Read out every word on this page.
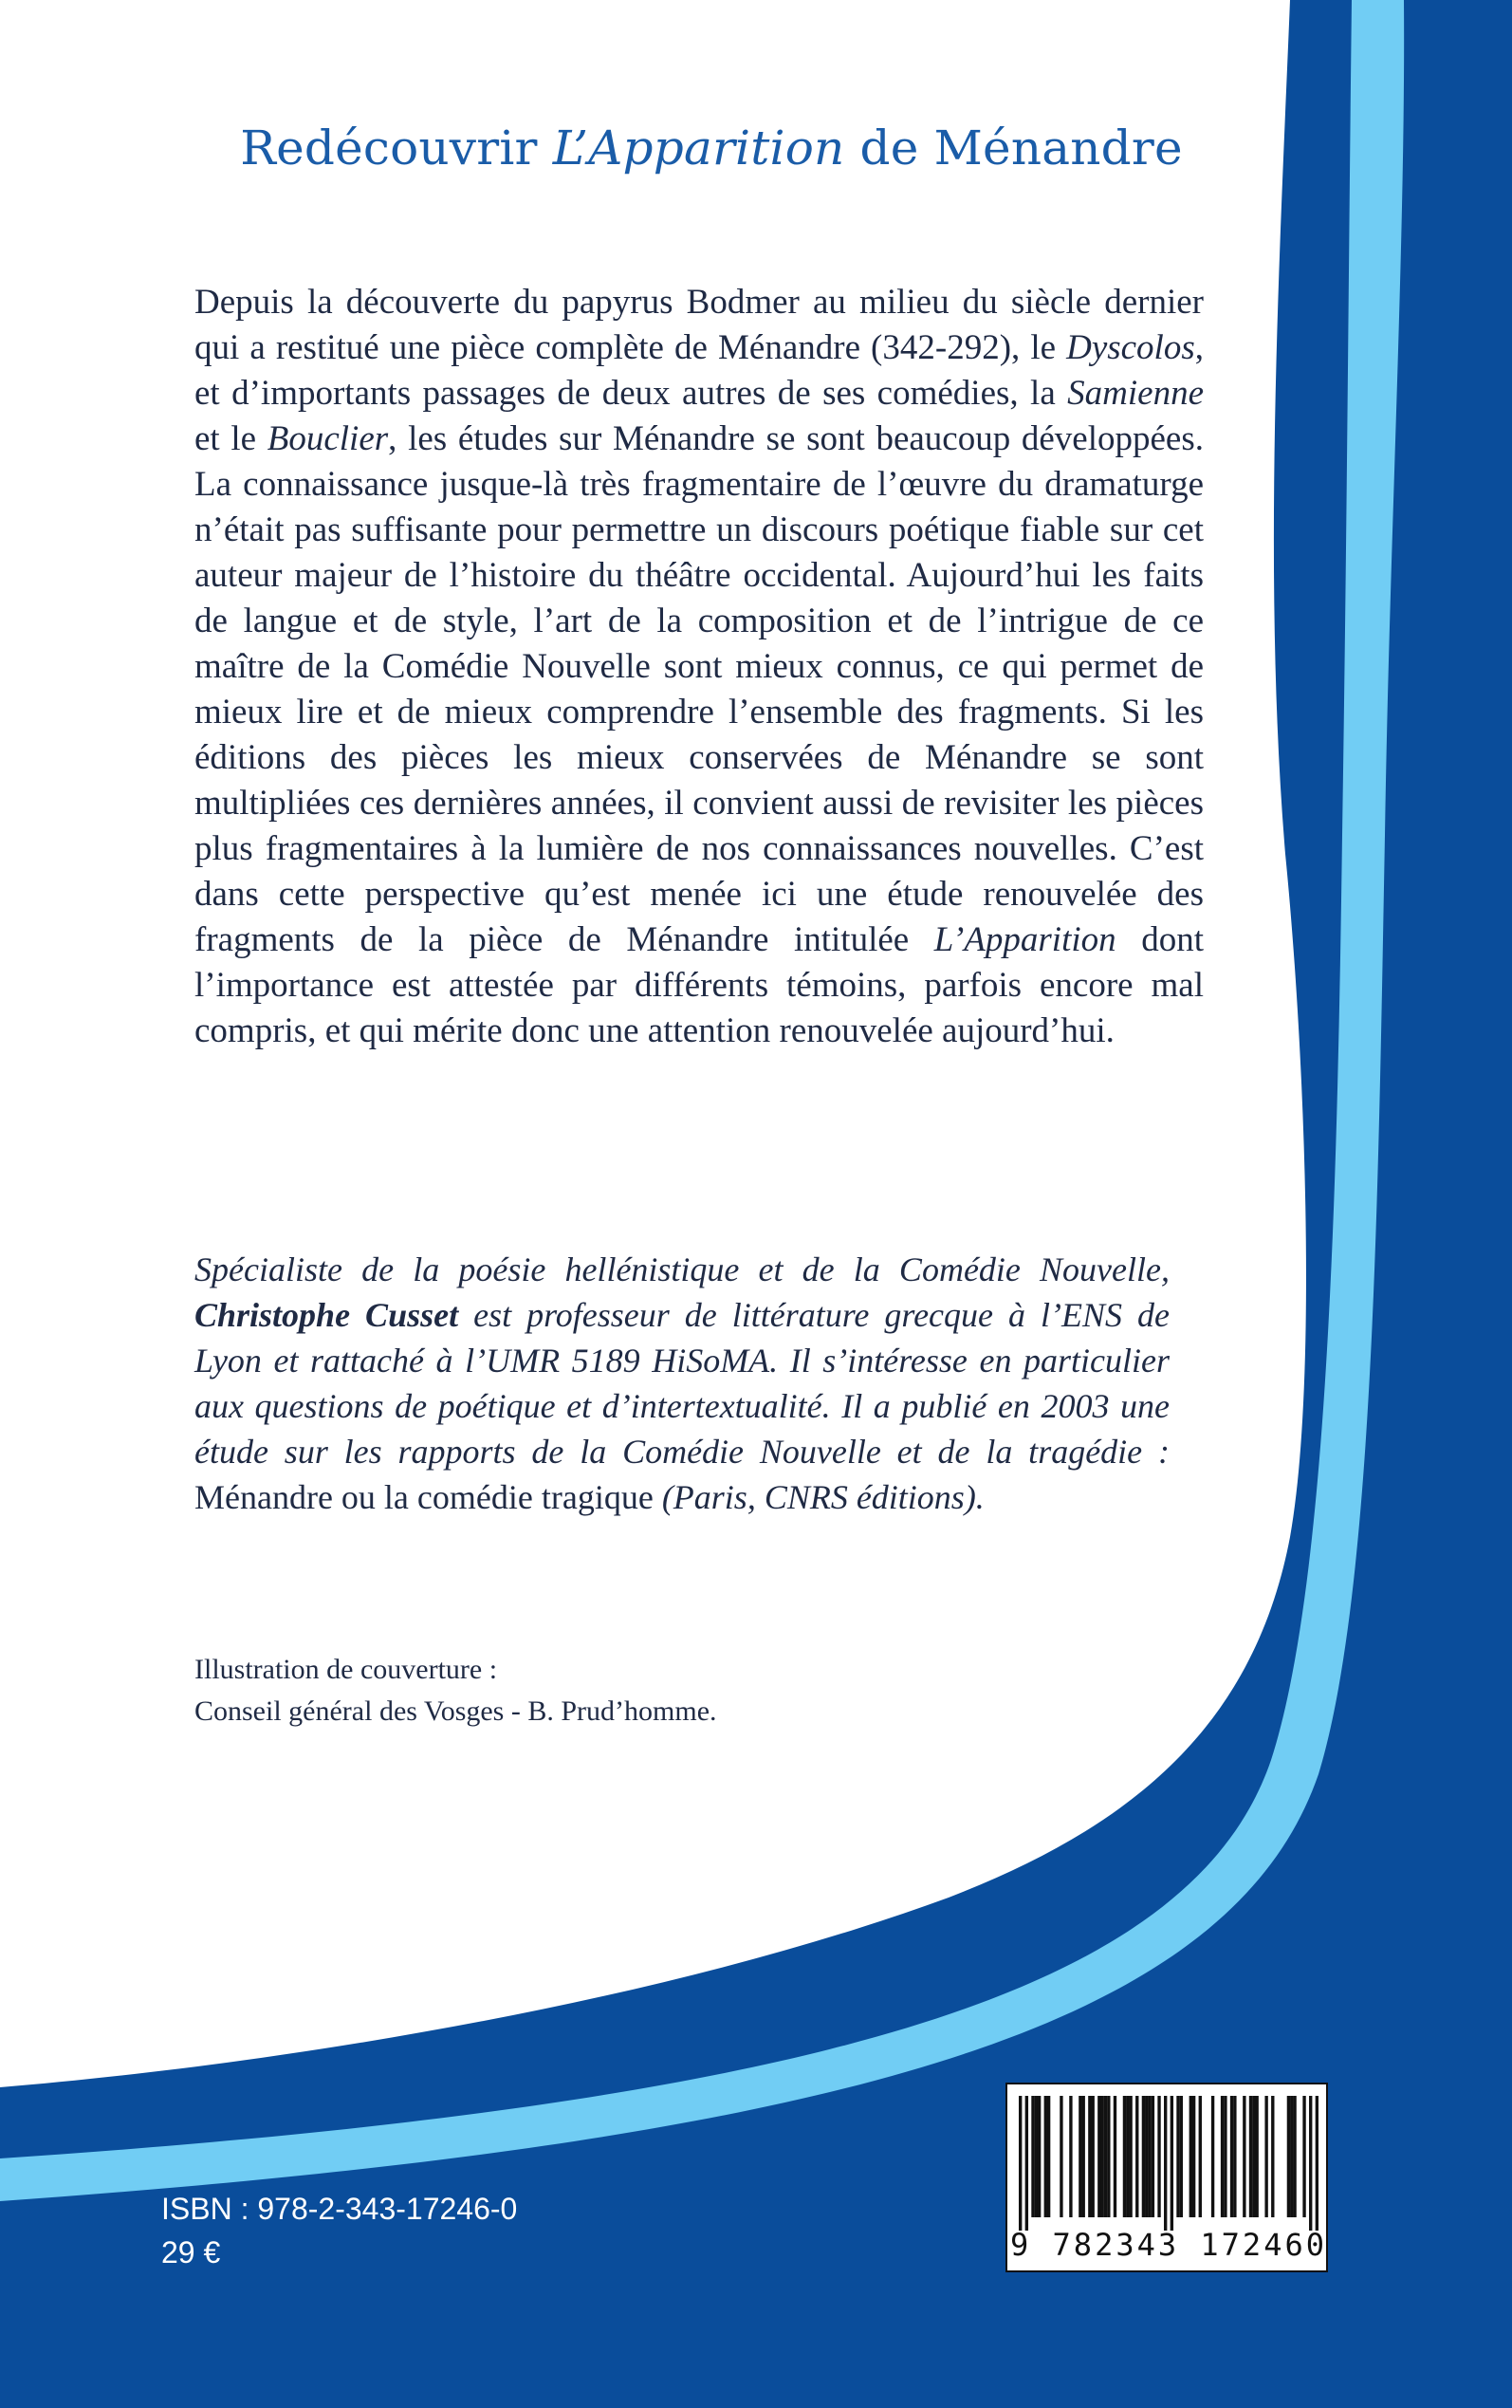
Redécouvrir L’Apparition de Ménandre
Depuis la découverte du papyrus Bodmer au milieu du siècle dernier qui a restitué une pièce complète de Ménandre (342-292), le Dyscolos, et d’importants passages de deux autres de ses comédies, la Samienne et le Bouclier, les études sur Ménandre se sont beaucoup développées. La connaissance jusque-là très fragmentaire de l’œuvre du dramaturge n’était pas suffisante pour permettre un discours poétique fiable sur cet auteur majeur de l’histoire du théâtre occidental. Aujourd’hui les faits de langue et de style, l’art de la composition et de l’intrigue de ce maître de la Comédie Nouvelle sont mieux connus, ce qui permet de mieux lire et de mieux comprendre l’ensemble des fragments. Si les éditions des pièces les mieux conservées de Ménandre se sont multipliées ces dernières années, il convient aussi de revisiter les pièces plus fragmentaires à la lumière de nos connaissances nouvelles. C’est dans cette perspective qu’est menée ici une étude renouvelée des fragments de la pièce de Ménandre intitulée L’Apparition dont l’importance est attestée par différents témoins, parfois encore mal compris, et qui mérite donc une attention renouvelée aujourd’hui.
Spécialiste de la poésie hellénistique et de la Comédie Nouvelle, Christophe Cusset est professeur de littérature grecque à l’ENS de Lyon et rattaché à l’UMR 5189 HiSoMA. Il s’intéresse en particulier aux questions de poétique et d’intertextualité. Il a publié en 2003 une étude sur les rapports de la Comédie Nouvelle et de la tragédie : Ménandre ou la comédie tragique (Paris, CNRS éditions).
Illustration de couverture :
Conseil général des Vosges - B. Prud’homme.
ISBN : 978-2-343-17246-0
29 €	9 782343 172460
